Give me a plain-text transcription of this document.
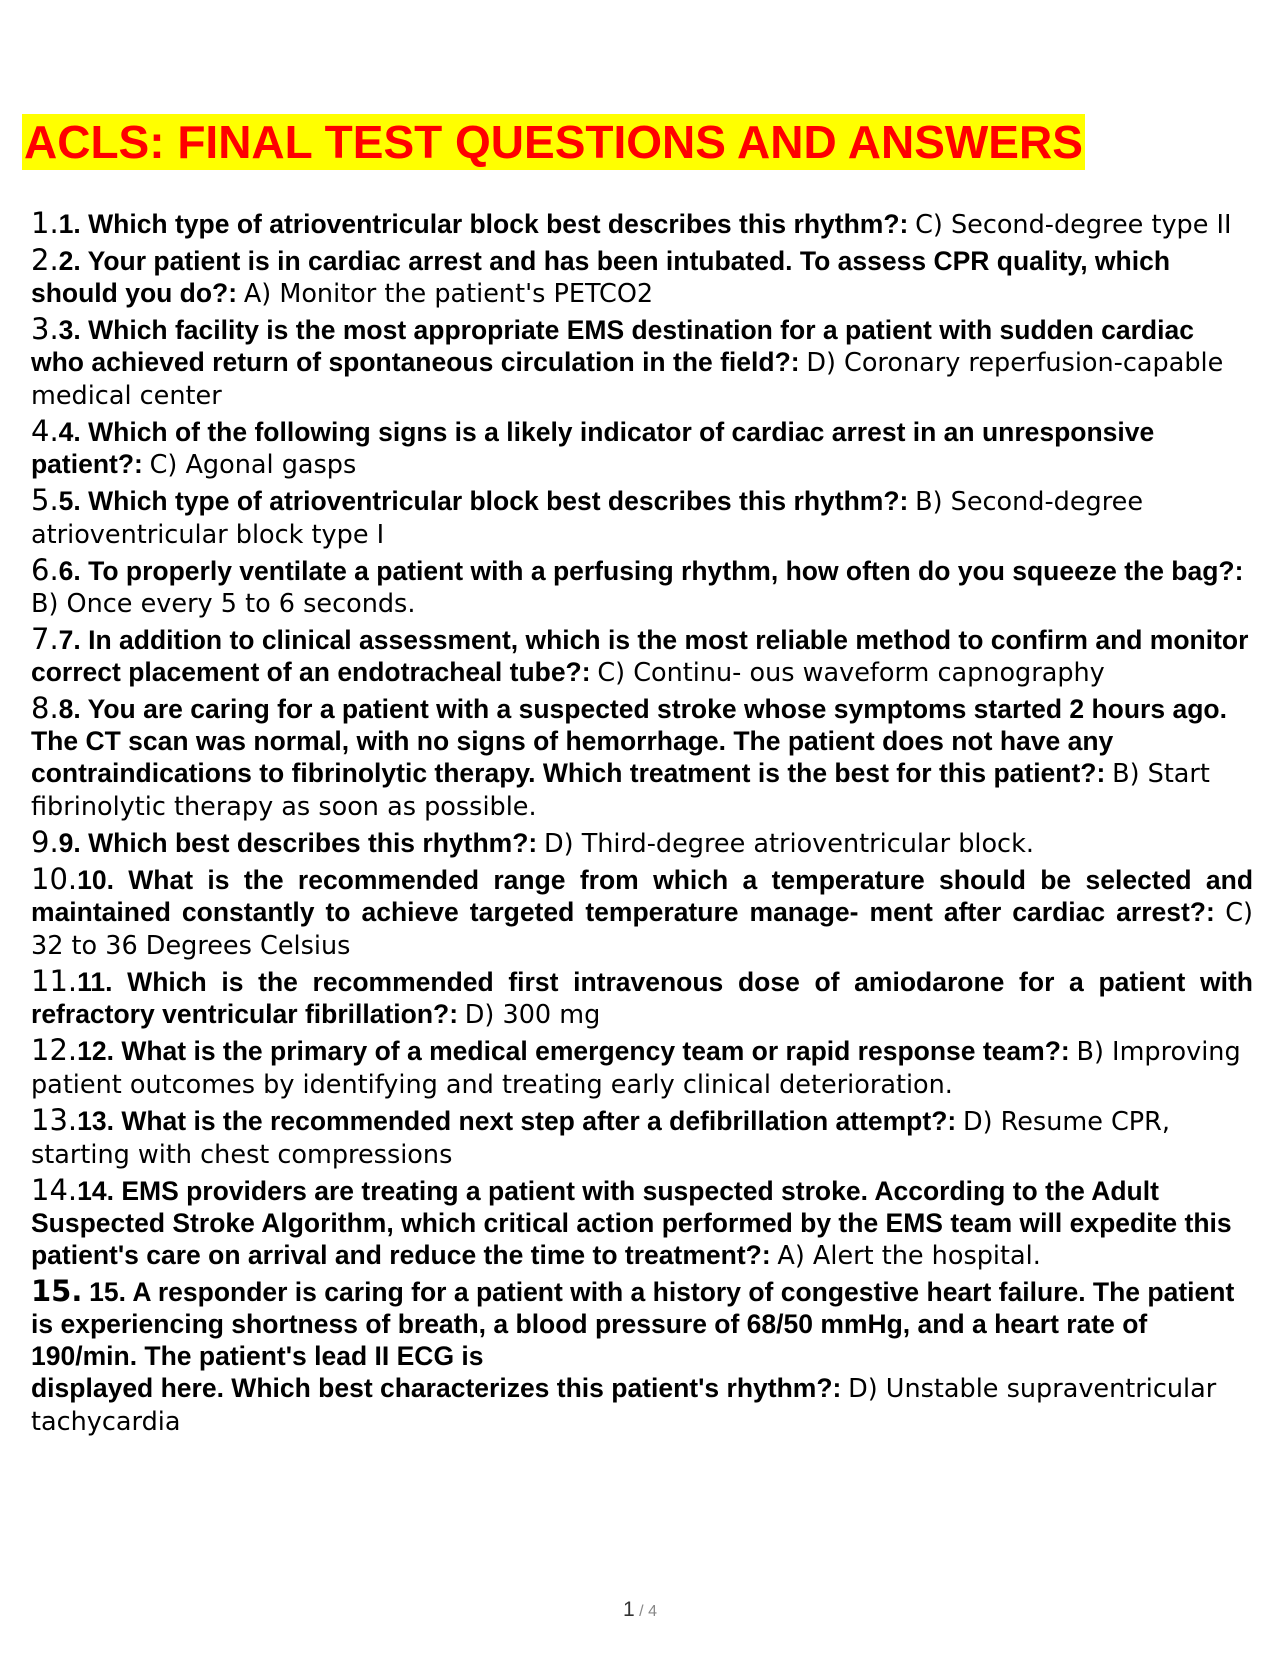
ACLS: FINAL TEST QUESTIONS AND ANSWERS
1.1. Which type of atrioventricular block best describes this rhythm?: C) Second-degree type II
2.2. Your patient is in cardiac arrest and has been intubated. To assess CPR quality, which should you do?: A) Monitor the patient's PETCO2
3.3. Which facility is the most appropriate EMS destination for a patient with sudden cardiac who achieved return of spontaneous circulation in the field?: D) Coronary reperfusion-capable medical center
4.4. Which of the following signs is a likely indicator of cardiac arrest in an unresponsive patient?: C) Agonal gasps
5.5. Which type of atrioventricular block best describes this rhythm?: B) Second-degree atrioventricular block type I
6.6. To properly ventilate a patient with a perfusing rhythm, how often do you squeeze the bag?: B) Once every 5 to 6 seconds.
7.7. In addition to clinical assessment, which is the most reliable method to confirm and monitor correct placement of an endotracheal tube?: C) Continu- ous waveform capnography
8.8. You are caring for a patient with a suspected stroke whose symptoms started 2 hours ago. The CT scan was normal, with no signs of hemorrhage. The patient does not have any contraindications to fibrinolytic therapy. Which treatment is the best for this patient?: B) Start fibrinolytic therapy as soon as possible.
9.9. Which best describes this rhythm?: D) Third-degree atrioventricular block.
10.10. What is the recommended range from which a temperature should be selected and maintained constantly to achieve targeted temperature manage- ment after cardiac arrest?: C) 32 to 36 Degrees Celsius
11.11. Which is the recommended first intravenous dose of amiodarone for a patient with refractory ventricular fibrillation?: D) 300 mg
12.12. What is the primary of a medical emergency team or rapid response team?: B) Improving patient outcomes by identifying and treating early clinical deterioration.
13.13. What is the recommended next step after a defibrillation attempt?: D) Resume CPR, starting with chest compressions
14.14. EMS providers are treating a patient with suspected stroke. According to the Adult Suspected Stroke Algorithm, which critical action performed by the EMS team will expedite this patient's care on arrival and reduce the time to treatment?: A) Alert the hospital.
15. 15. A responder is caring for a patient with a history of congestive heart failure. The patient is experiencing shortness of breath, a blood pressure of 68/50 mmHg, and a heart rate of 190/min. The patient's lead II ECG is
displayed here. Which best characterizes this patient's rhythm?: D) Unstable supraventricular tachycardia
1 / 4
